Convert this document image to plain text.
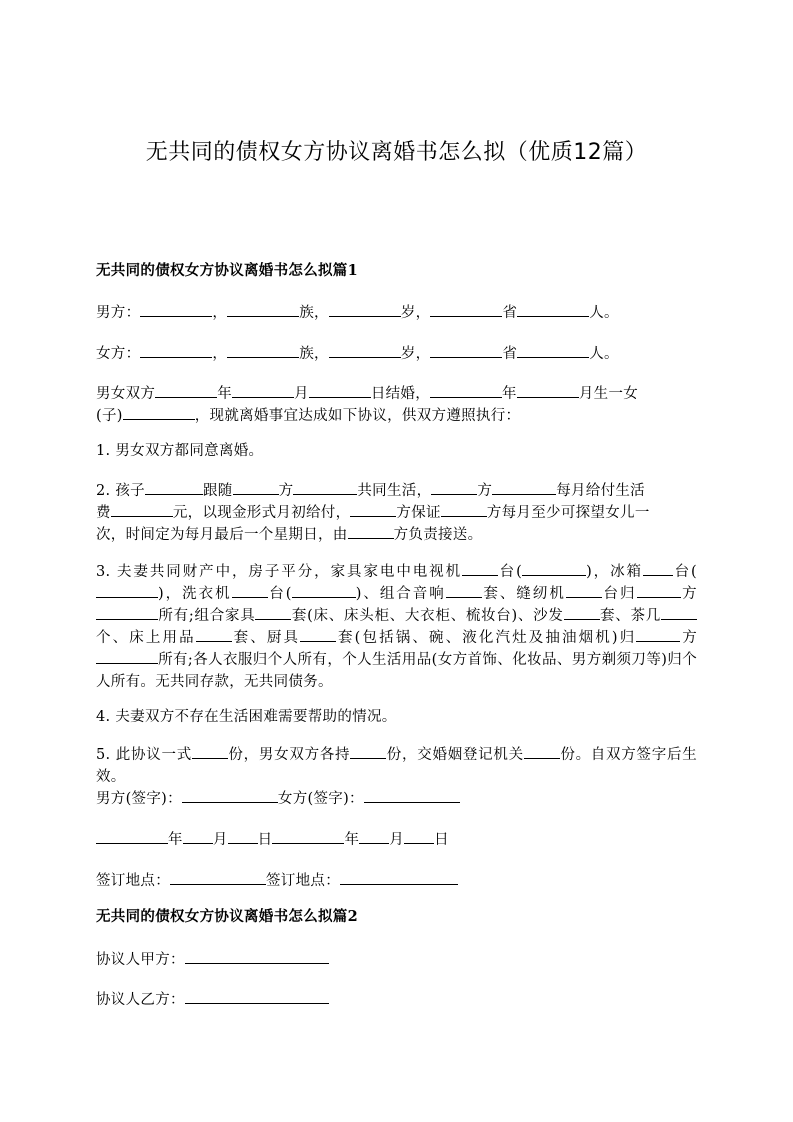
无共同的债权女方协议离婚书怎么拟（优质12篇）
无共同的债权女方协议离婚书怎么拟篇1
男方：	，	族，	岁，	省	人。
女方：	，	族，	岁，	省	人。
男女双方	年	月	日结婚，	年	月生一女
(子)	，现就离婚事宜达成如下协议，供双方遵照执行：
1. 男女双方都同意离婚。
2. 孩子	跟随	方	共同生活，	方	每月给付生活
费	元，以现金形式月初给付，	方保证	方每月至少可探望女儿一
次，时间定为每月最后一个星期日，由	方负责接送。
3. 夫妻共同财产中，房子平分，家具家电中电视机 台(	)，冰箱 台()，洗衣机 台(	)、组合音响 套、缝纫机 台归	方所有;组合家具 套(床、床头柜、大衣柜、梳妆台)、沙发 套、茶几个、床上用品 套、厨具 套(包括锅、碗、液化汽灶及抽油烟机)归	方所有;各人衣服归个人所有，个人生活用品(女方首饰、化妆品、男方剃须刀等)归个人所有。无共同存款，无共同债务。
4. 夫妻双方不存在生活困难需要帮助的情况。
5. 此协议一式 份，男女双方各持 份，交婚姻登记机关 份。自双方签字后生效。
男方(签字)：	女方(签字)：
年 月 日	年 月 日
签订地点：	签订地点：
无共同的债权女方协议离婚书怎么拟篇2
协议人甲方：
协议人乙方：
